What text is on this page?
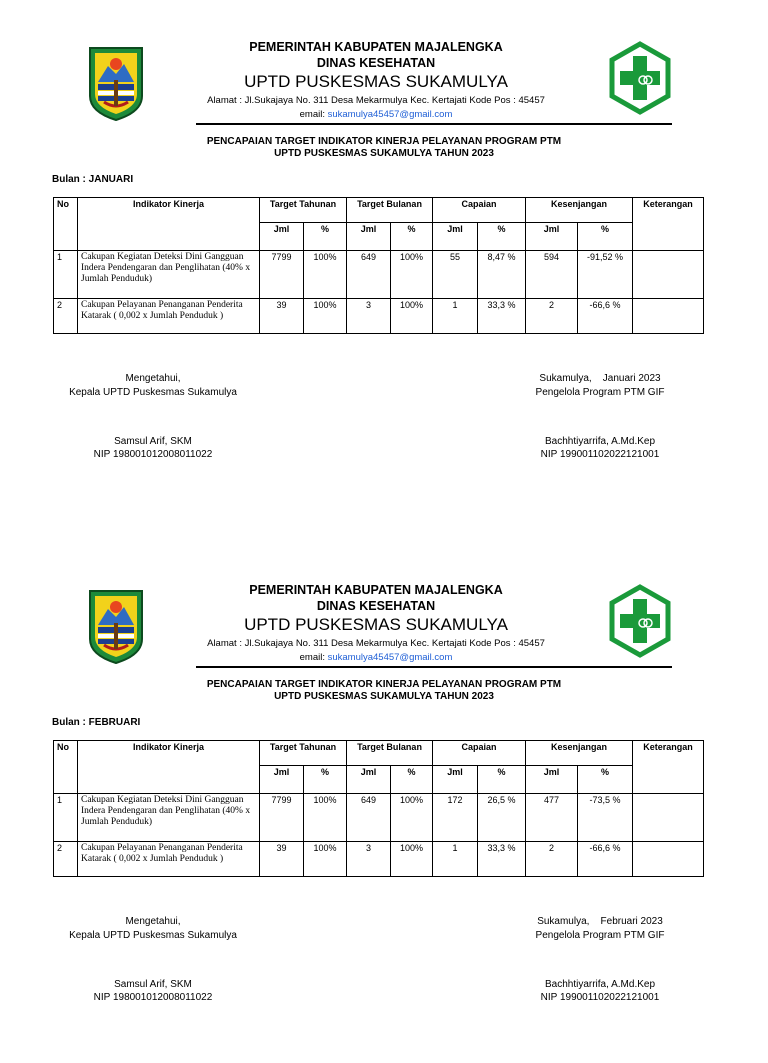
PEMERINTAH KABUPATEN MAJALENGKA
DINAS KESEHATAN
UPTD PUSKESMAS SUKAMULYA
Alamat : Jl.Sukajaya No. 311 Desa Mekarmulya Kec. Kertajati Kode Pos : 45457
email: sukamulya45457@gmail.com
PENCAPAIAN TARGET INDIKATOR KINERJA PELAYANAN PROGRAM PTM
UPTD PUSKESMAS SUKAMULYA TAHUN 2023
Bulan : JANUARI
No	Indikator Kinerja	Target Tahunan		Target Bulanan		Capaian		Kesenjangan		Keterangan
		Jml	%	Jml	%	Jml	%	Jml	%	
1	Cakupan Kegiatan Deteksi Dini Gangguan Indera Pendengaran dan Penglihatan (40% x Jumlah Penduduk)	7799	100%	649	100%	55	8,47 %	594	-91,52 %	
2	Cakupan Pelayanan Penanganan Penderita Katarak ( 0,002 x Jumlah Penduduk )	39	100%	3	100%	1	33,3 %	2	-66,6 %	
Mengetahui,
Kepala UPTD Puskesmas Sukamulya
Samsul Arif, SKM
NIP 198001012008011022
Sukamulya,    Januari 2023
Pengelola Program PTM GIF
Bachhtiyarrifa, A.Md.Kep
NIP 199001102022121001
PEMERINTAH KABUPATEN MAJALENGKA
DINAS KESEHATAN
UPTD PUSKESMAS SUKAMULYA
Alamat : Jl.Sukajaya No. 311 Desa Mekarmulya Kec. Kertajati Kode Pos : 45457
email: sukamulya45457@gmail.com
PENCAPAIAN TARGET INDIKATOR KINERJA PELAYANAN PROGRAM PTM
UPTD PUSKESMAS SUKAMULYA TAHUN 2023
Bulan : FEBRUARI
No	Indikator Kinerja	Target Tahunan		Target Bulanan		Capaian		Kesenjangan		Keterangan
		Jml	%	Jml	%	Jml	%	Jml	%	
1	Cakupan Kegiatan Deteksi Dini Gangguan Indera Pendengaran dan Penglihatan (40% x Jumlah Penduduk)	7799	100%	649	100%	172	26,5 %	477	-73,5 %	
2	Cakupan Pelayanan Penanganan Penderita Katarak ( 0,002 x Jumlah Penduduk )	39	100%	3	100%	1	33,3 %	2	-66,6 %	
Mengetahui,
Kepala UPTD Puskesmas Sukamulya
Samsul Arif, SKM
NIP 198001012008011022
Sukamulya,    Februari 2023
Pengelola Program PTM GIF
Bachhtiyarrifa, A.Md.Kep
NIP 199001102022121001
